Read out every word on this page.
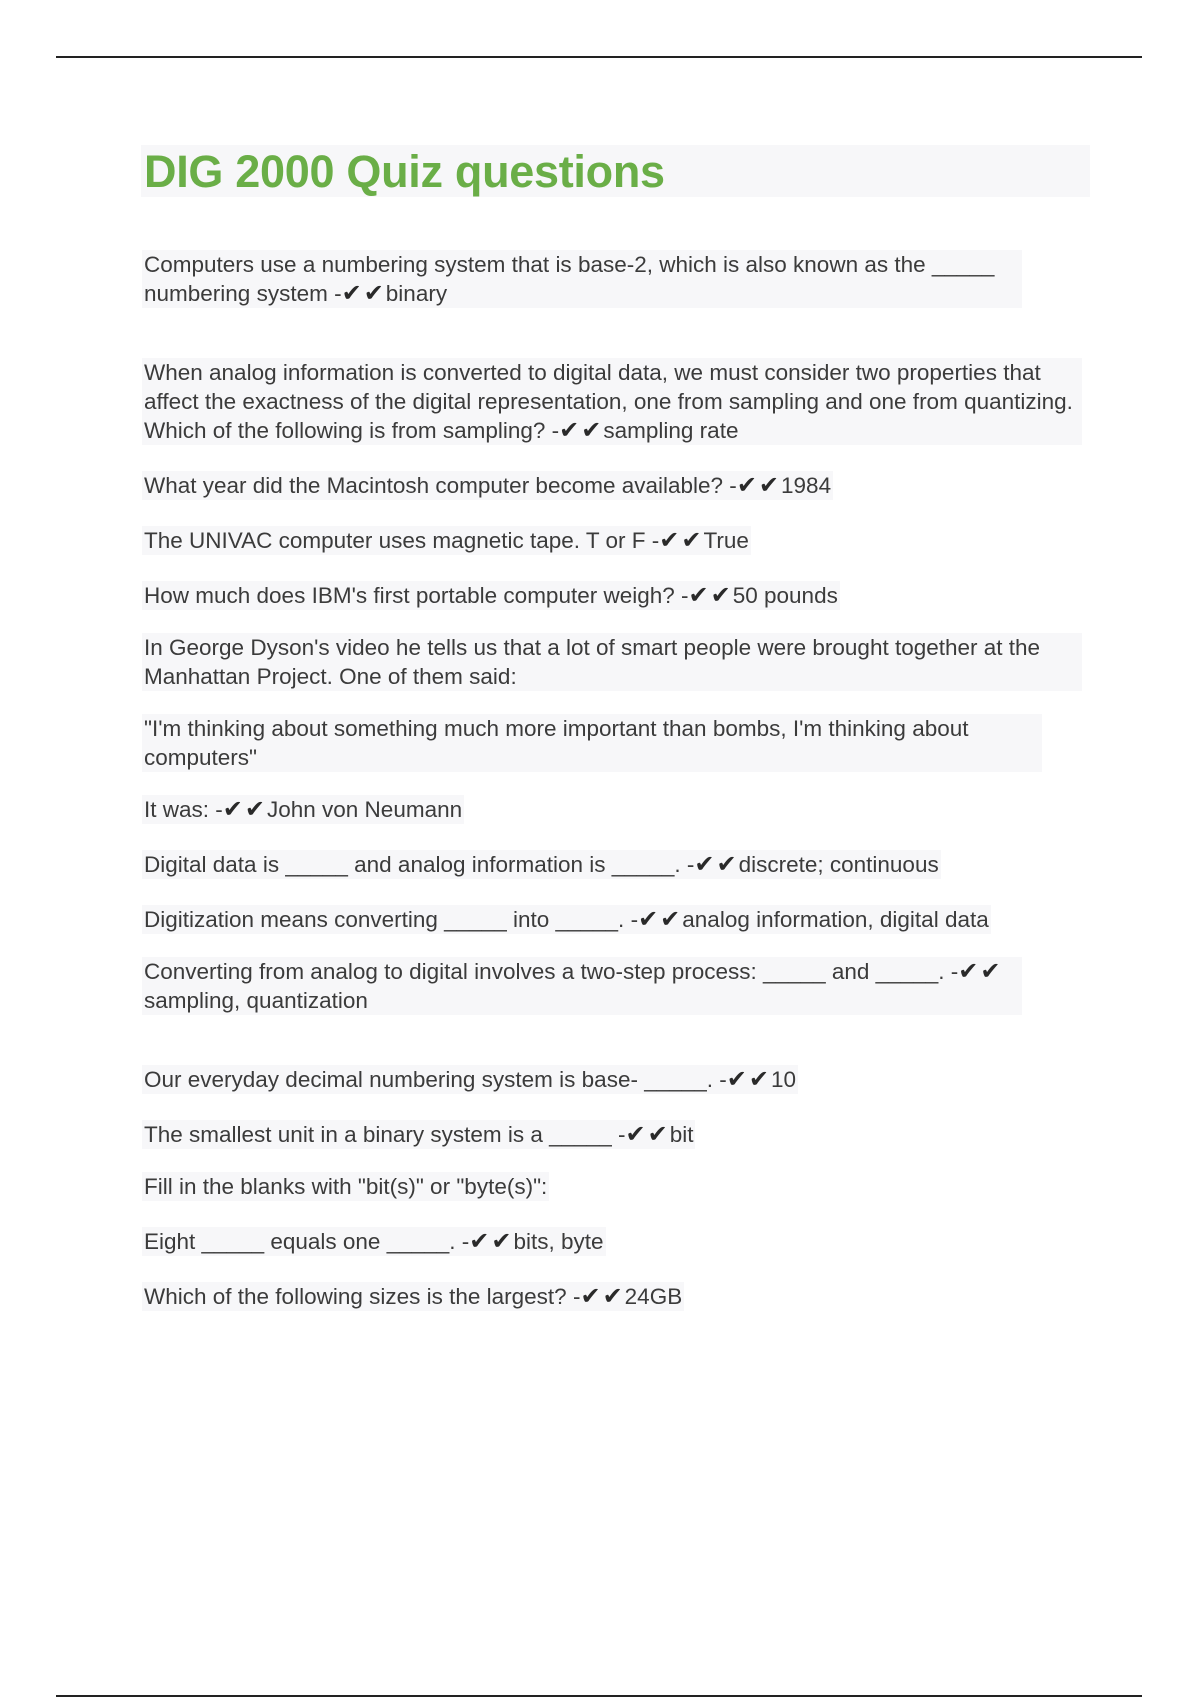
DIG 2000 Quiz questions
Computers use a numbering system that is base-2, which is also known as the _____ numbering system -✔✔binary
When analog information is converted to digital data, we must consider two properties that affect the exactness of the digital representation, one from sampling and one from quantizing. Which of the following is from sampling? -✔✔sampling rate
What year did the Macintosh computer become available? -✔✔1984
The UNIVAC computer uses magnetic tape. T or F -✔✔True
How much does IBM's first portable computer weigh? -✔✔50 pounds
In George Dyson's video he tells us that a lot of smart people were brought together at the Manhattan Project. One of them said:
"I'm thinking about something much more important than bombs, I'm thinking about computers"
It was: -✔✔John von Neumann
Digital data is _____ and analog information is _____. -✔✔discrete; continuous
Digitization means converting _____ into _____. -✔✔analog information, digital data
Converting from analog to digital involves a two-step process: _____ and _____. -✔✔sampling, quantization
Our everyday decimal numbering system is base- _____. -✔✔10
The smallest unit in a binary system is a _____ -✔✔bit
Fill in the blanks with "bit(s)" or "byte(s)":
Eight _____ equals one _____. -✔✔bits, byte
Which of the following sizes is the largest? -✔✔24GB
